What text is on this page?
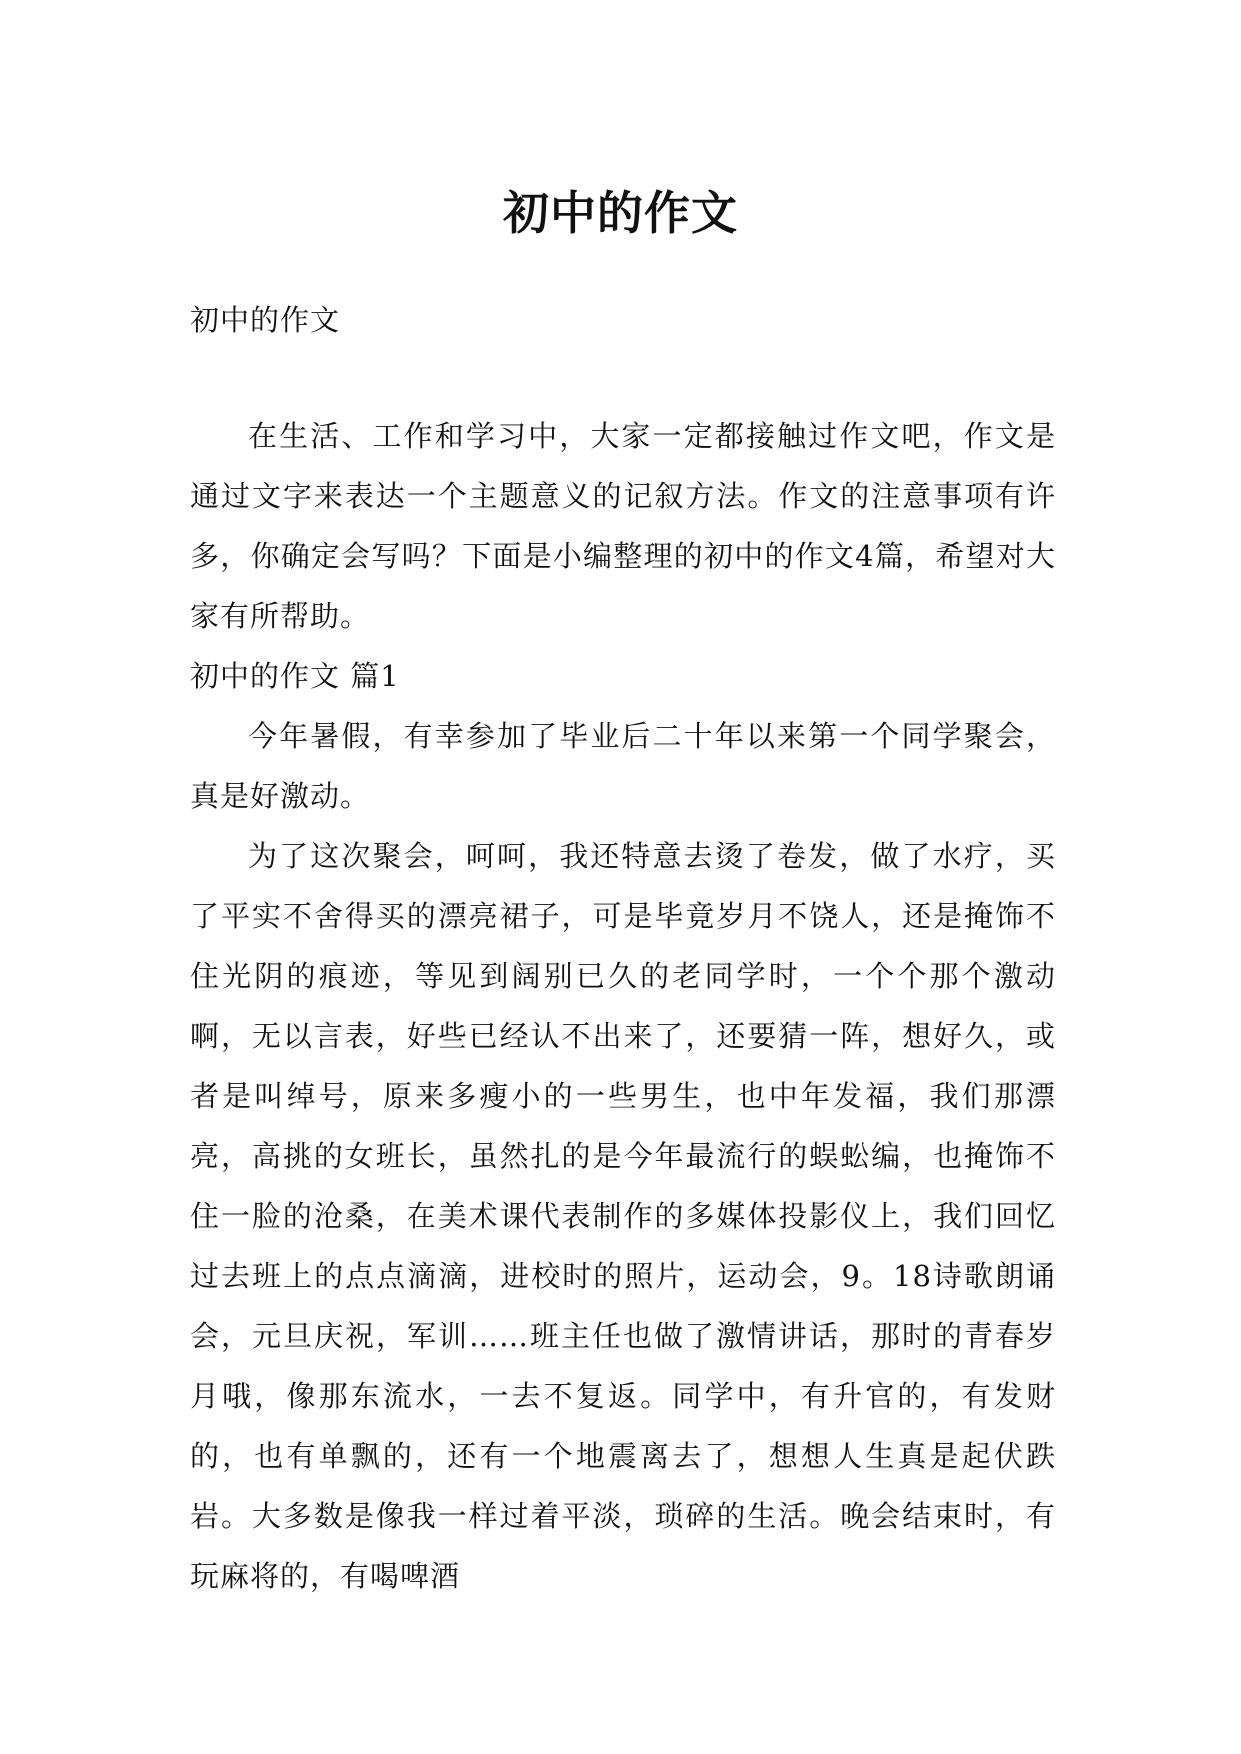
初中的作文

初中的作文

在生活、工作和学习中，大家一定都接触过作文吧，作文是通过文字来表达一个主题意义的记叙方法。作文的注意事项有许多，你确定会写吗？下面是小编整理的初中的作文4篇，希望对大家有所帮助。

初中的作文 篇1

今年暑假，有幸参加了毕业后二十年以来第一个同学聚会，真是好激动。

为了这次聚会，呵呵，我还特意去烫了卷发，做了水疗，买了平实不舍得买的漂亮裙子，可是毕竟岁月不饶人，还是掩饰不住光阴的痕迹，等见到阔别已久的老同学时，一个个那个激动啊，无以言表，好些已经认不出来了，还要猜一阵，想好久，或者是叫绰号，原来多瘦小的一些男生，也中年发福，我们那漂亮，高挑的女班长，虽然扎的是今年最流行的蜈蚣编，也掩饰不住一脸的沧桑，在美术课代表制作的多媒体投影仪上，我们回忆过去班上的点点滴滴，进校时的照片，运动会，9。18诗歌朗诵会，元旦庆祝，军训……班主任也做了激情讲话，那时的青春岁月哦，像那东流水，一去不复返。同学中，有升官的，有发财的，也有单飘的，还有一个地震离去了，想想人生真是起伏跌岩。大多数是像我一样过着平淡，琐碎的生活。晚会结束时，有玩麻将的，有喝啤酒
